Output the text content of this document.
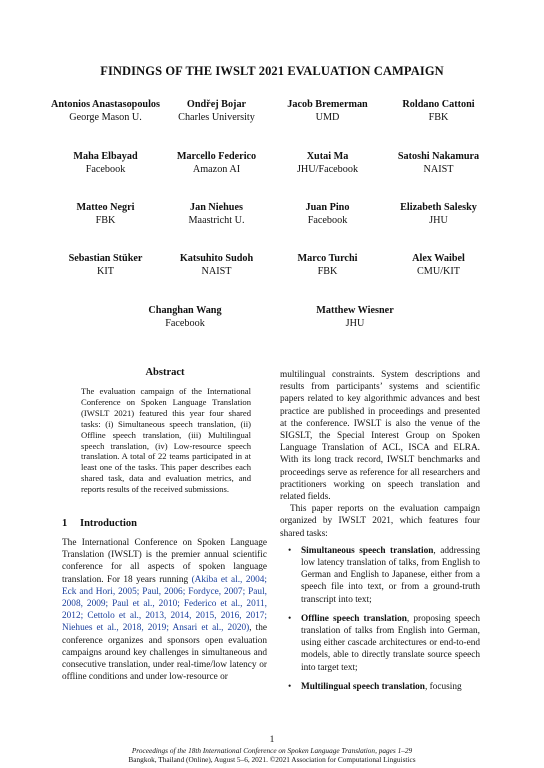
FINDINGS OF THE IWSLT 2021 EVALUATION CAMPAIGN
Antonios Anastasopoulos
George Mason U.
Ondřej Bojar
Charles University
Jacob Bremerman
UMD
Roldano Cattoni
FBK
Maha Elbayad
Facebook
Marcello Federico
Amazon AI
Xutai Ma
JHU/Facebook
Satoshi Nakamura
NAIST
Matteo Negri
FBK
Jan Niehues
Maastricht U.
Juan Pino
Facebook
Elizabeth Salesky
JHU
Sebastian Stüker
KIT
Katsuhito Sudoh
NAIST
Marco Turchi
FBK
Alex Waibel
CMU/KIT
Changhan Wang
Facebook
Matthew Wiesner
JHU
Abstract
The evaluation campaign of the International Conference on Spoken Language Translation (IWSLT 2021) featured this year four shared tasks: (i) Simultaneous speech translation, (ii) Offline speech translation, (iii) Multilingual speech translation, (iv) Low-resource speech translation. A total of 22 teams participated in at least one of the tasks. This paper describes each shared task, data and evaluation metrics, and reports results of the received submissions.
1 Introduction
The International Conference on Spoken Language Translation (IWSLT) is the premier annual scientific conference for all aspects of spoken language translation. For 18 years running (Akiba et al., 2004; Eck and Hori, 2005; Paul, 2006; Fordyce, 2007; Paul, 2008, 2009; Paul et al., 2010; Federico et al., 2011, 2012; Cettolo et al., 2013, 2014, 2015, 2016, 2017; Niehues et al., 2018, 2019; Ansari et al., 2020), the conference organizes and sponsors open evaluation campaigns around key challenges in simultaneous and consecutive translation, under real-time/low latency or offline conditions and under low-resource or

multilingual constraints. System descriptions and results from participants’ systems and scientific papers related to key algorithmic advances and best practice are published in proceedings and presented at the conference. IWSLT is also the venue of the SIGSLT, the Special Interest Group on Spoken Language Translation of ACL, ISCA and ELRA. With its long track record, IWSLT benchmarks and proceedings serve as reference for all researchers and practitioners working on speech translation and related fields.

This paper reports on the evaluation campaign organized by IWSLT 2021, which features four shared tasks:

• Simultaneous speech translation, addressing low latency translation of talks, from English to German and English to Japanese, either from a speech file into text, or from a ground-truth transcript into text;
• Offline speech translation, proposing speech translation of talks from English into German, using either cascade architectures or end-to-end models, able to directly translate source speech into target text;
• Multilingual speech translation, focusing
1
Proceedings of the 18th International Conference on Spoken Language Translation, pages 1–29
Bangkok, Thailand (Online), August 5–6, 2021. ©2021 Association for Computational Linguistics
